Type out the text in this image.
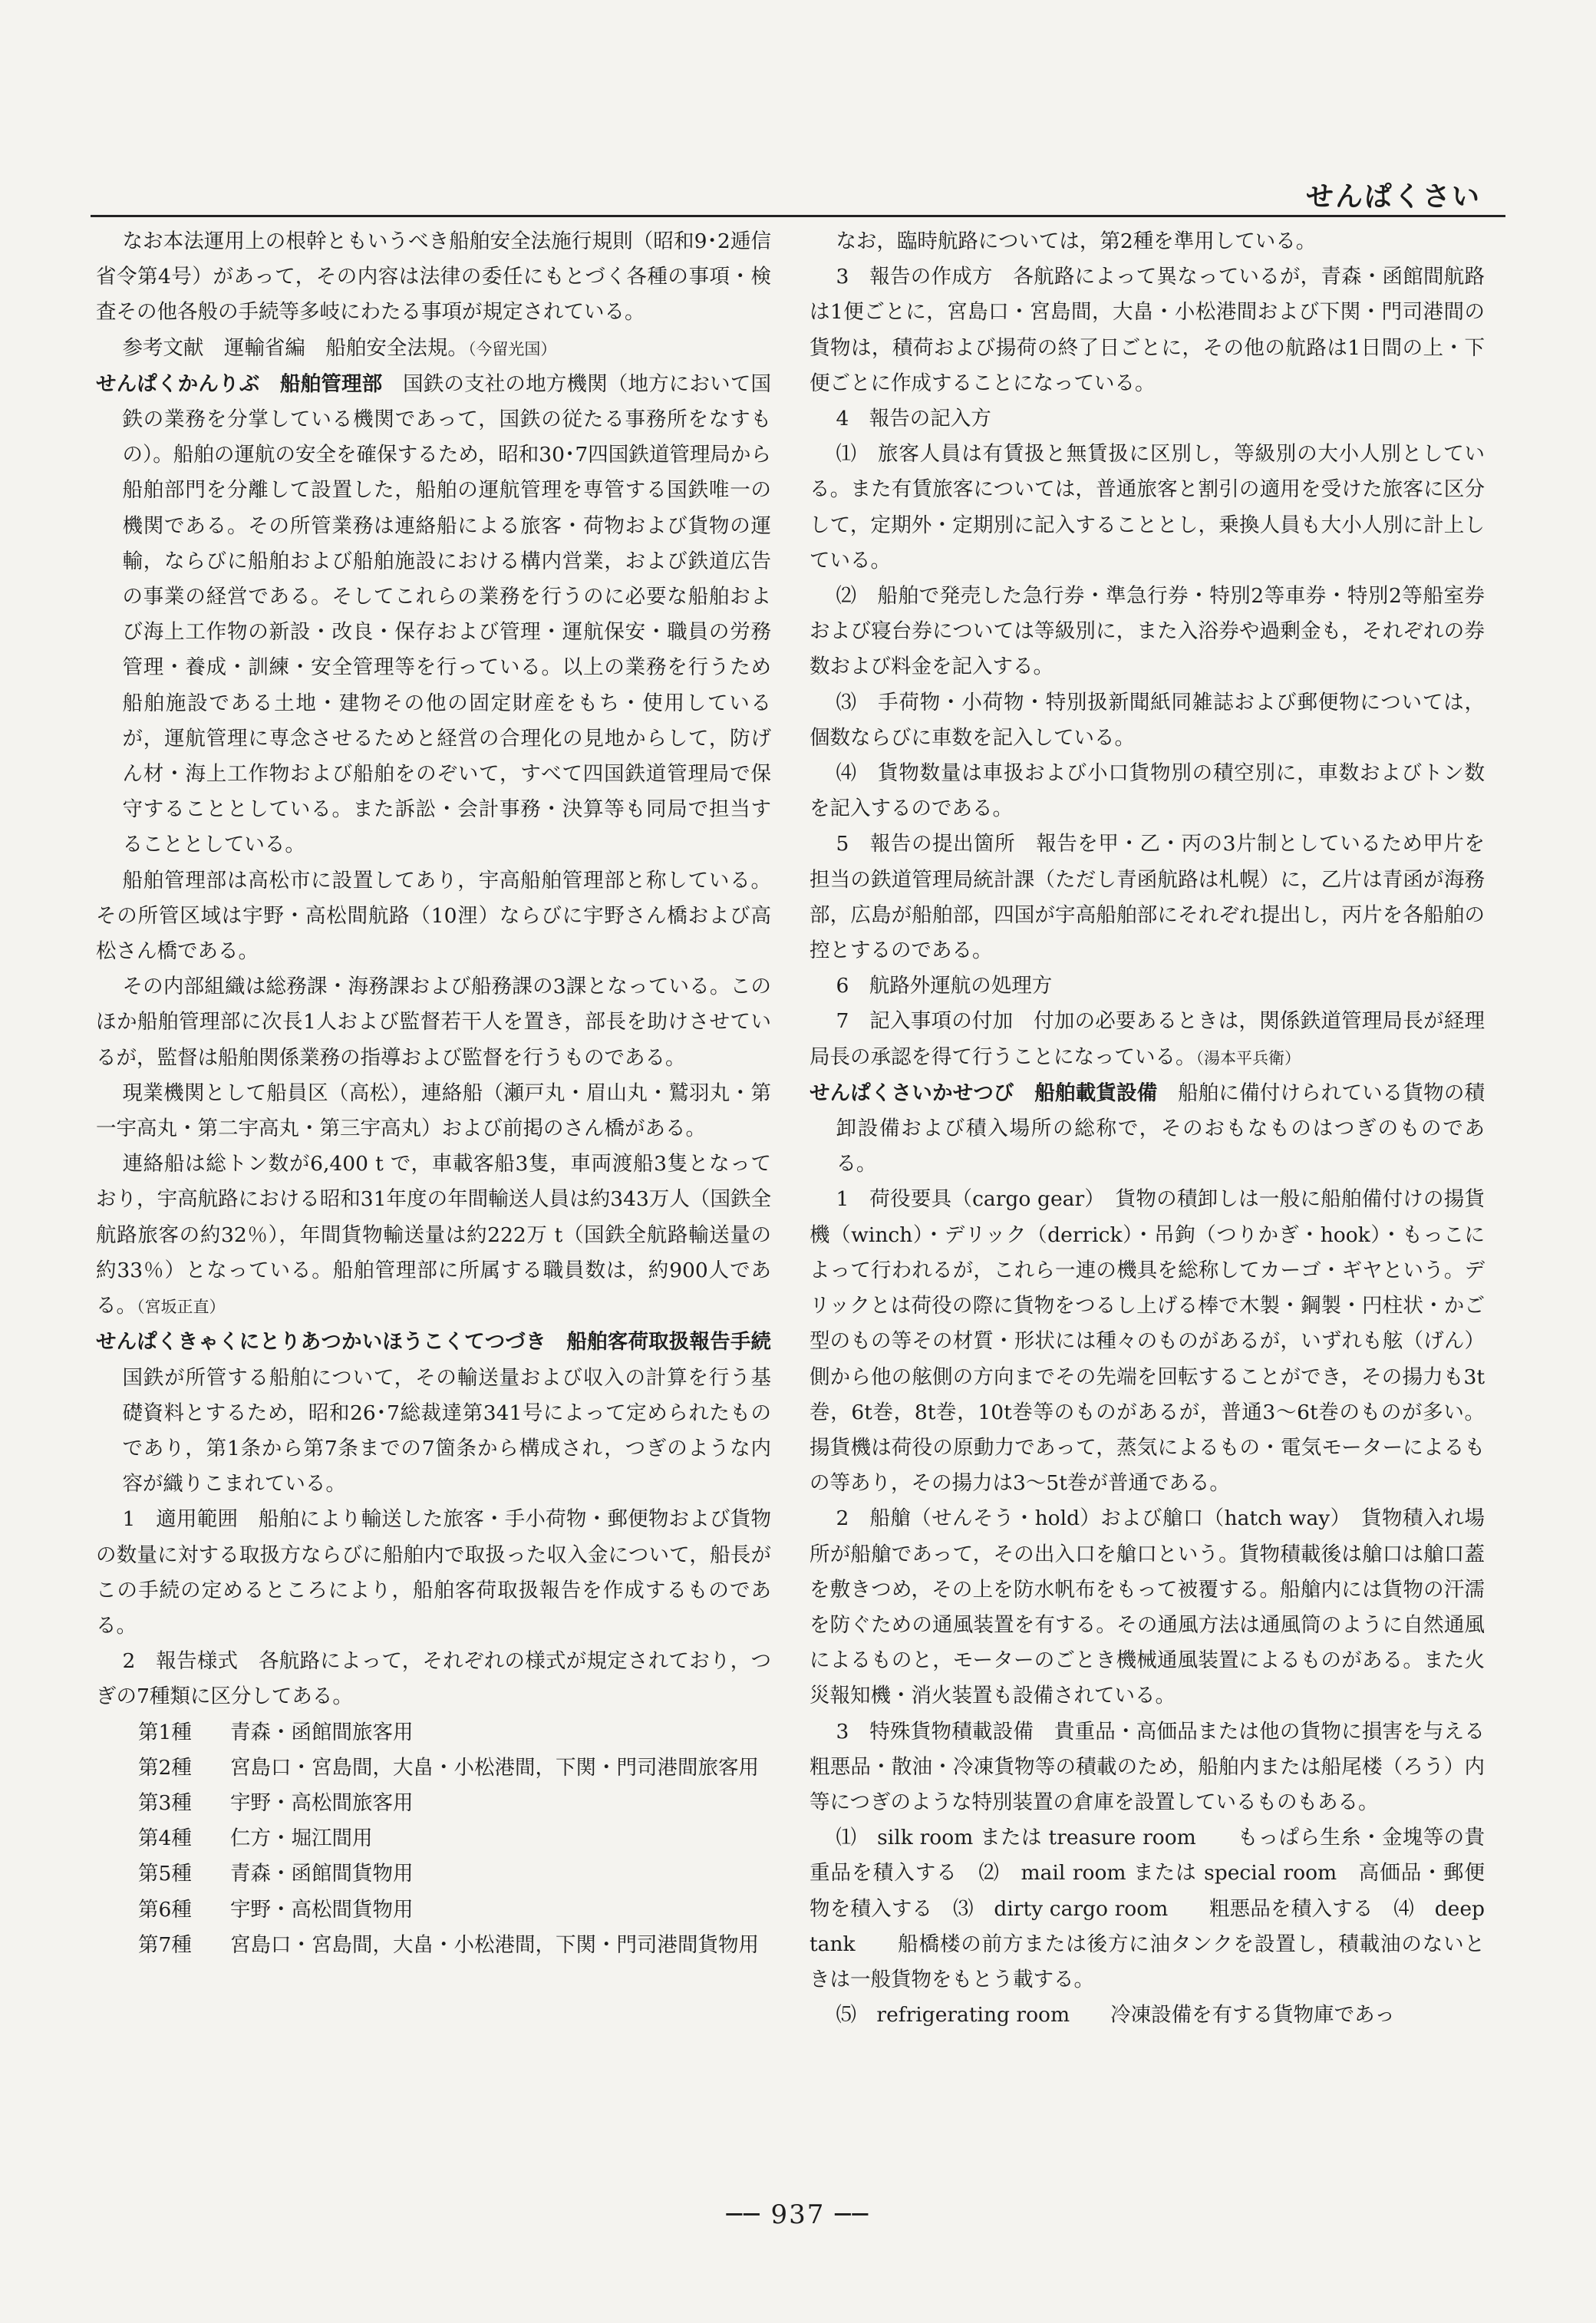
せんぱくさい

なお本法運用上の根幹ともいうべき船舶安全法施行規則（昭和9･2逓信省令第4号）があって，その内容は法律の委任にもとづく各種の事項・検査その他各般の手続等多岐にわたる事項が規定されている。

参考文献　運輸省編　船舶安全法規。（今留光国）

せんぱくかんりぶ　 船舶管理部　 国鉄の支社の地方機関（地方において国鉄の業務を分掌している機関であって，国鉄の従たる事務所をなすもの）。船舶の運航の安全を確保するため，昭和30･7四国鉄道管理局から船舶部門を分離して設置した，船舶の運航管理を専管する国鉄唯一の機関である。その所管業務は連絡船による旅客・荷物および貨物の運輸，ならびに船舶および船舶施設における構内営業，および鉄道広告の事業の経営である。そしてこれらの業務を行うのに必要な船舶および海上工作物の新設・改良・保存および管理・運航保安・職員の労務管理・養成・訓練・安全管理等を行っている。以上の業務を行うため船舶施設である土地・建物その他の固定財産をもち・使用しているが，運航管理に専念させるためと経営の合理化の見地からして，防げん材・海上工作物および船舶をのぞいて，すべて四国鉄道管理局で保守することとしている。また訴訟・会計事務・決算等も同局で担当することとしている。

船舶管理部は高松市に設置してあり，宇高船舶管理部と称している。その所管区域は宇野・高松間航路（10浬）ならびに宇野さん橋および高松さん橋である。

その内部組織は総務課・海務課および船務課の3課となっている。このほか船舶管理部に次長1人および監督若干人を置き，部長を助けさせているが，監督は船舶関係業務の指導および監督を行うものである。

現業機関として船員区（高松），連絡船（瀬戸丸・眉山丸・鷲羽丸・第一宇高丸・第二宇高丸・第三宇高丸）および前掲のさん橋がある。

連絡船は総トン数が6,400 t で，車載客船3隻，車両渡船3隻となっており，宇高航路における昭和31年度の年間輸送人員は約343万人（国鉄全航路旅客の約32％），年間貨物輸送量は約222万 t（国鉄全航路輸送量の約33％）となっている。船舶管理部に所属する職員数は，約900人である。（宮坂正直）

せんぱくきゃくにとりあつかいほうこくてつづき　 船舶客荷取扱報告手続　国鉄が所管する船舶について，その輸送量および収入の計算を行う基礎資料とするため，昭和26･7総裁達第341号によって定められたものであり，第1条から第7条までの7箇条から構成され，つぎのような内容が織りこまれている。

1　適用範囲　船舶により輸送した旅客・手小荷物・郵便物および貨物の数量に対する取扱方ならびに船舶内で取扱った収入金について，船長がこの手続の定めるところにより，船舶客荷取扱報告を作成するものである。

2　報告様式　各航路によって，それぞれの様式が規定されており，つぎの7種類に区分してある。

第1種	青森・函館間旅客用
第2種	宮島口・宮島間，大畠・小松港間，下関・門司港間旅客用
第3種	宇野・高松間旅客用
第4種	仁方・堀江間用
第5種	青森・函館間貨物用
第6種	宇野・高松間貨物用
第7種	宮島口・宮島間，大畠・小松港間，下関・門司港間貨物用

なお，臨時航路については，第2種を準用している。

3　報告の作成方　各航路によって異なっているが，青森・函館間航路は1便ごとに，宮島口・宮島間，大畠・小松港間および下関・門司港間の貨物は，積荷および揚荷の終了日ごとに，その他の航路は1日間の上・下便ごとに作成することになっている。

4　報告の記入方

⑴　旅客人員は有賃扱と無賃扱に区別し，等級別の大小人別としている。また有賃旅客については，普通旅客と割引の適用を受けた旅客に区分して，定期外・定期別に記入することとし，乗換人員も大小人別に計上している。

⑵　船舶で発売した急行券・準急行券・特別2等車券・特別2等船室券および寝台券については等級別に，また入浴券や過剰金も，それぞれの券数および料金を記入する。

⑶　手荷物・小荷物・特別扱新聞紙同雑誌および郵便物については，個数ならびに車数を記入している。

⑷　貨物数量は車扱および小口貨物別の積空別に，車数およびトン数を記入するのである。

5　報告の提出箇所　報告を甲・乙・丙の3片制としているため甲片を担当の鉄道管理局統計課（ただし青函航路は札幌）に，乙片は青函が海務部，広島が船舶部，四国が宇高船舶部にそれぞれ提出し，丙片を各船舶の控とするのである。

6　航路外運航の処理方

7　記入事項の付加　付加の必要あるときは，関係鉄道管理局長が経理局長の承認を得て行うことになっている。（湯本平兵衛）

せんぱくさいかせつび　 船舶載貨設備　 船舶に備付けられている貨物の積卸設備および積入場所の総称で，そのおもなものはつぎのものである。

1　荷役要具（cargo gear）　貨物の積卸しは一般に船舶備付けの揚貨機（winch）・デリック（derrick）・吊鉤（つりかぎ・hook）・もっこによって行われるが，これら一連の機具を総称してカーゴ・ギヤという。デリックとは荷役の際に貨物をつるし上げる棒で木製・鋼製・円柱状・かご型のもの等その材質・形状には種々のものがあるが，いずれも舷（げん）側から他の舷側の方向までその先端を回転することができ，その揚力も3t巻，6t巻，8t巻，10t巻等のものがあるが，普通3～6t巻のものが多い。揚貨機は荷役の原動力であって，蒸気によるもの・電気モーターによるもの等あり，その揚力は3～5t巻が普通である。

2　船艙（せんそう・hold）および艙口（hatch way）　貨物積入れ場所が船艙であって，その出入口を艙口という。貨物積載後は艙口は艙口蓋を敷きつめ，その上を防水帆布をもって被覆する。船艙内には貨物の汗濡を防ぐための通風装置を有する。その通風方法は通風筒のように自然通風によるものと，モーターのごとき機械通風装置によるものがある。また火災報知機・消火装置も設備されている。

3　特殊貨物積載設備　貴重品・高価品または他の貨物に損害を与える粗悪品・散油・冷凍貨物等の積載のため，船舶内または船尾楼（ろう）内等につぎのような特別装置の倉庫を設置しているものもある。

⑴　silk room または treasure room　　もっぱら生糸・金塊等の貴重品を積入する　⑵　mail room または special room　高価品・郵便物を積入する　⑶　dirty cargo room　　粗悪品を積入する　⑷　deep tank　　船橋楼の前方または後方に油タンクを設置し，積載油のないときは一般貨物をもとう載する。

⑸　refrigerating room　　冷凍設備を有する貨物庫であっ

── 937 ──
